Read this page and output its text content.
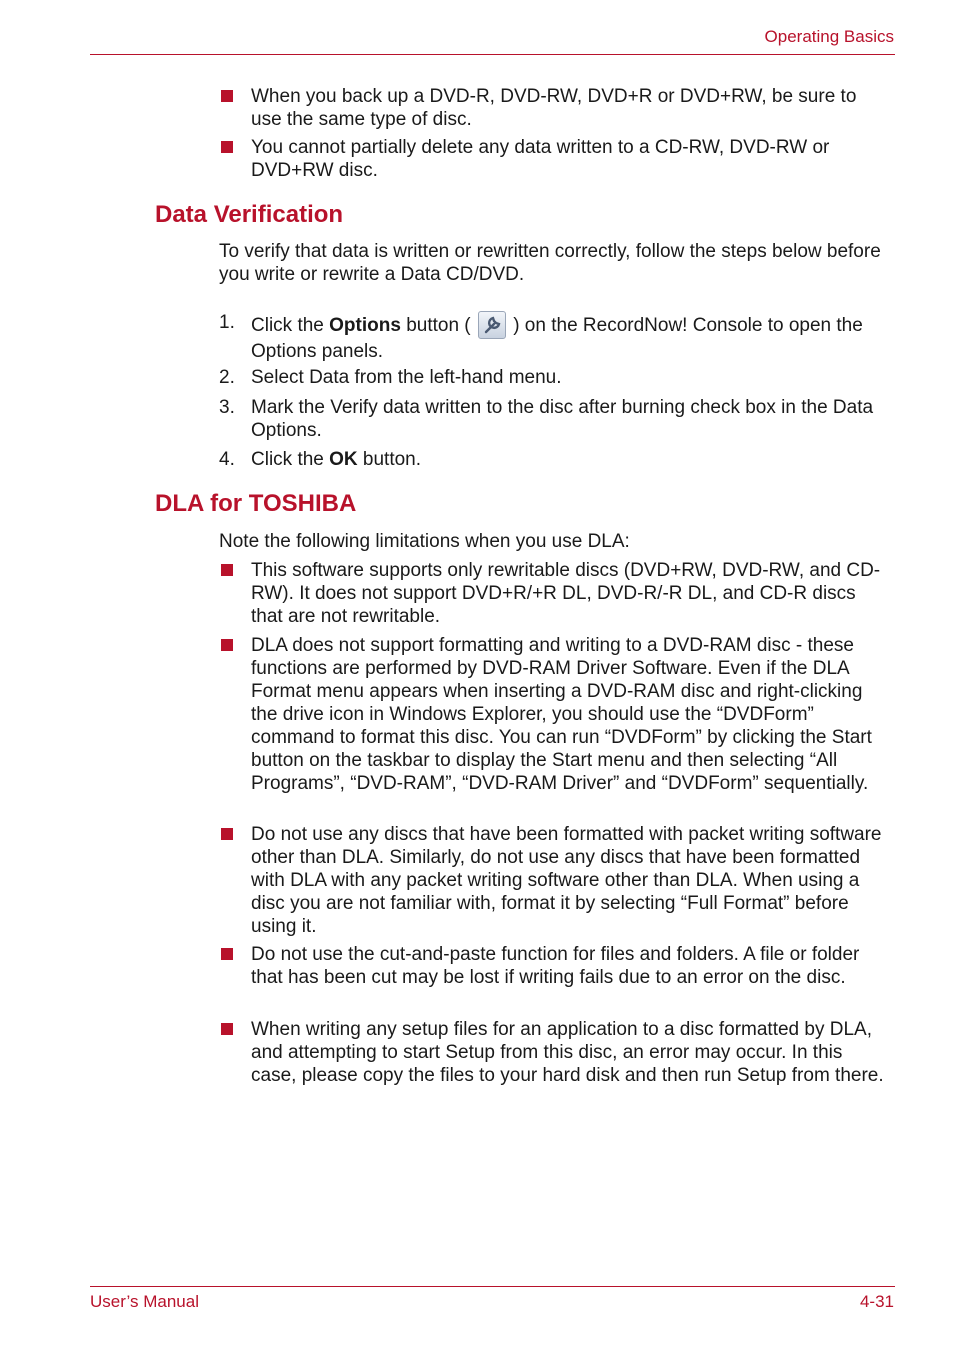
Operating Basics
When you back up a DVD-R, DVD-RW, DVD+R or DVD+RW, be sure to use the same type of disc.
You cannot partially delete any data written to a CD-RW, DVD-RW or DVD+RW disc.
Data Verification
To verify that data is written or rewritten correctly, follow the steps below before you write or rewrite a Data CD/DVD.
1. Click the Options button (  ) on the RecordNow! Console to open the Options panels.
2. Select Data from the left-hand menu.
3. Mark the Verify data written to the disc after burning check box in the Data Options.
4. Click the OK button.
DLA for TOSHIBA
Note the following limitations when you use DLA:
This software supports only rewritable discs (DVD+RW, DVD-RW, and CD-RW). It does not support DVD+R/+R DL, DVD-R/-R DL, and CD-R discs that are not rewritable.
DLA does not support formatting and writing to a DVD-RAM disc - these functions are performed by DVD-RAM Driver Software. Even if the DLA Format menu appears when inserting a DVD-RAM disc and right-clicking the drive icon in Windows Explorer, you should use the “DVDForm” command to format this disc. You can run “DVDForm” by clicking the Start button on the taskbar to display the Start menu and then selecting “All Programs”, “DVD-RAM”, “DVD-RAM Driver” and “DVDForm” sequentially.
Do not use any discs that have been formatted with packet writing software other than DLA. Similarly, do not use any discs that have been formatted with DLA with any packet writing software other than DLA. When using a disc you are not familiar with, format it by selecting “Full Format” before using it.
Do not use the cut-and-paste function for files and folders. A file or folder that has been cut may be lost if writing fails due to an error on the disc.
When writing any setup files for an application to a disc formatted by DLA, and attempting to start Setup from this disc, an error may occur. In this case, please copy the files to your hard disk and then run Setup from there.
User’s Manual	4-31
